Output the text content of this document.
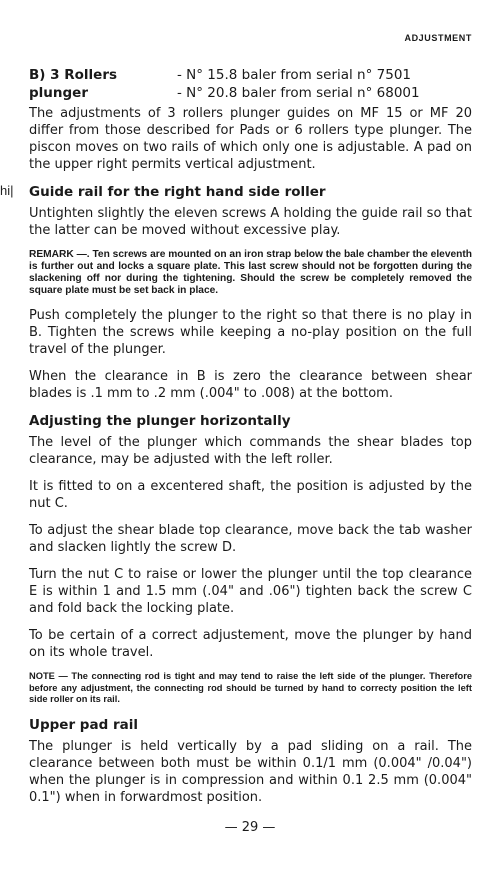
ADJUSTMENT
hi|
B) 3 Rollers plunger
- N° 15.8 baler from serial n° 7501
- N° 20.8 baler from serial n° 68001

The adjustments of 3 rollers plunger guides on MF 15 or MF 20 differ from those described for Pads or 6 rollers type plunger. The piscon moves on two rails of which only one is adjustable. A pad on the upper right permits vertical adjustment.

Guide rail for the right hand side roller

Untighten slightly the eleven screws A holding the guide rail so that the latter can be moved without excessive play.

REMARK —. Ten screws are mounted on an iron strap below the bale chamber the eleventh is further out and locks a square plate. This last screw should not be forgotten during the slackening off nor during the tightening. Should the screw be completely removed the square plate must be set back in place.

Push completely the plunger to the right so that there is no play in B. Tighten the screws while keeping a no-play position on the full travel of the plunger.

When the clearance in B is zero the clearance between shear blades is .1 mm to .2 mm (.004" to .008) at the bottom.

Adjusting the plunger horizontally

The level of the plunger which commands the shear blades top clearance, may be adjusted with the left roller.

It is fitted to on a excentered shaft, the position is adjusted by the nut C.

To adjust the shear blade top clearance, move back the tab washer and slacken lightly the screw D.

Turn the nut C to raise or lower the plunger until the top clearance E is within 1 and 1.5 mm (.04" and .06") tighten back the screw C and fold back the locking plate.

To be certain of a correct adjustement, move the plunger by hand on its whole travel.

NOTE — The connecting rod is tight and may tend to raise the left side of the plunger. Therefore before any adjustment, the connecting rod should be turned by hand to correcty position the left side roller on its rail.
Upper pad rail

The plunger is held vertically by a pad sliding on a rail. The clearance between both must be within 0.1/1 mm (0.004" /0.04") when the plunger is in compression and within 0.1 2.5 mm (0.004" 0.1") when in forwardmost position.

— 29 —
